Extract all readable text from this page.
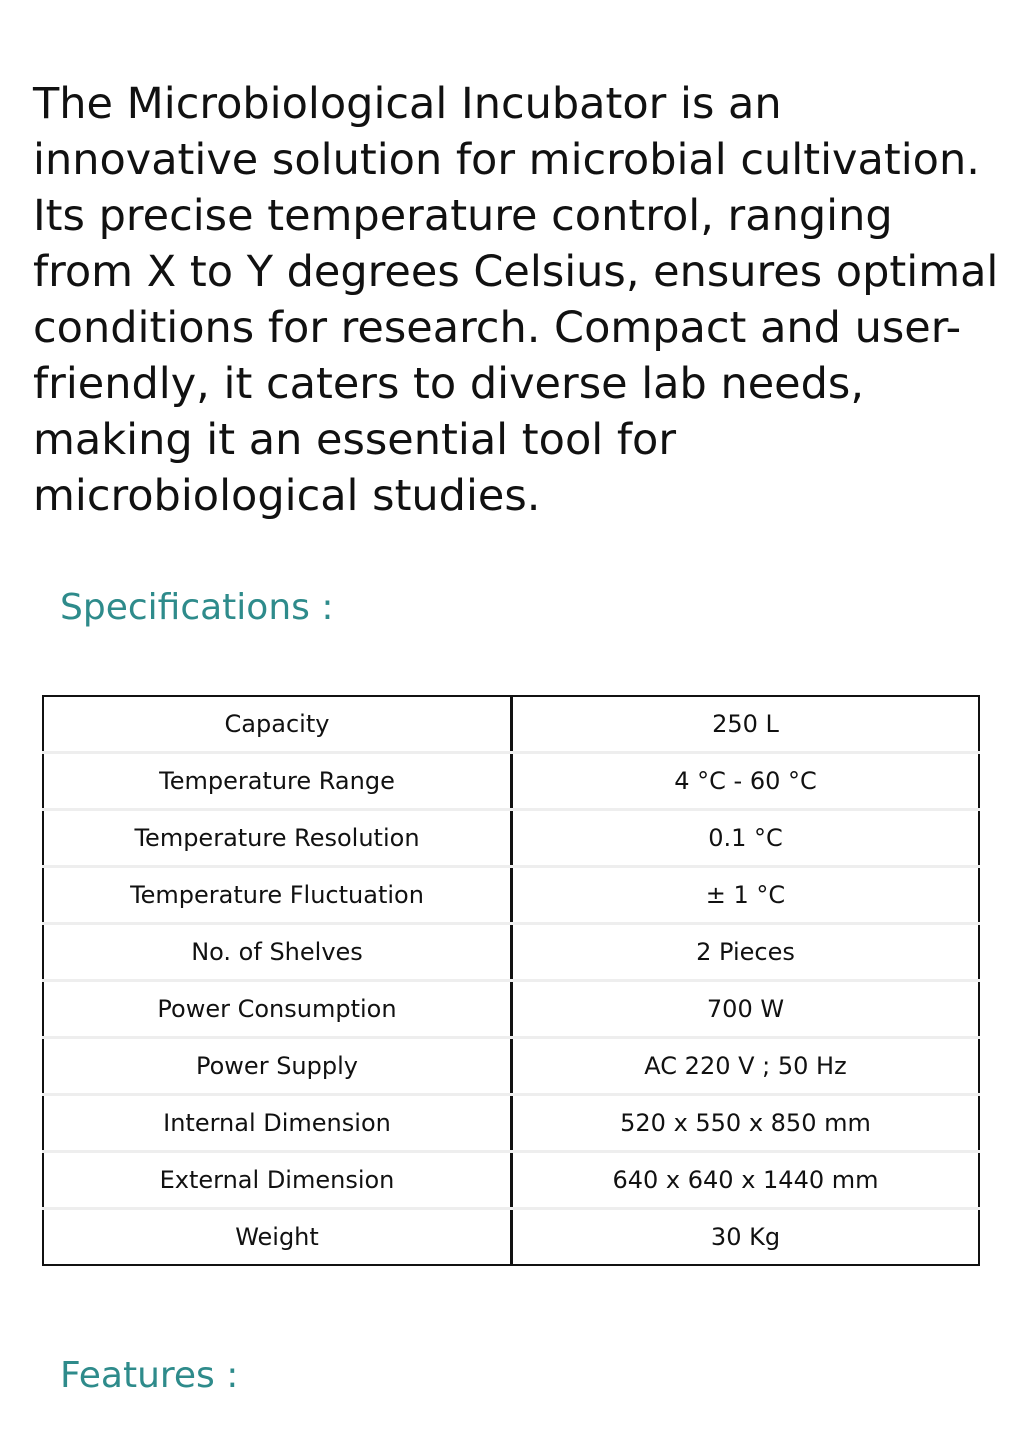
The Microbiological Incubator is an innovative solution for microbial cultivation. Its precise temperature control, ranging from X to Y degrees Celsius, ensures optimal conditions for research. Compact and user-friendly, it caters to diverse lab needs, making it an essential tool for microbiological studies.

Specifications :
Capacity	250 L
Temperature Range	4 °C - 60 °C
Temperature Resolution	0.1 °C
Temperature Fluctuation	± 1 °C
No. of Shelves	2 Pieces
Power Consumption	700 W
Power Supply	AC 220 V ; 50 Hz
Internal Dimension	520 x 550 x 850 mm
External Dimension	640 x 640 x 1440 mm
Weight	30 Kg
Features :
